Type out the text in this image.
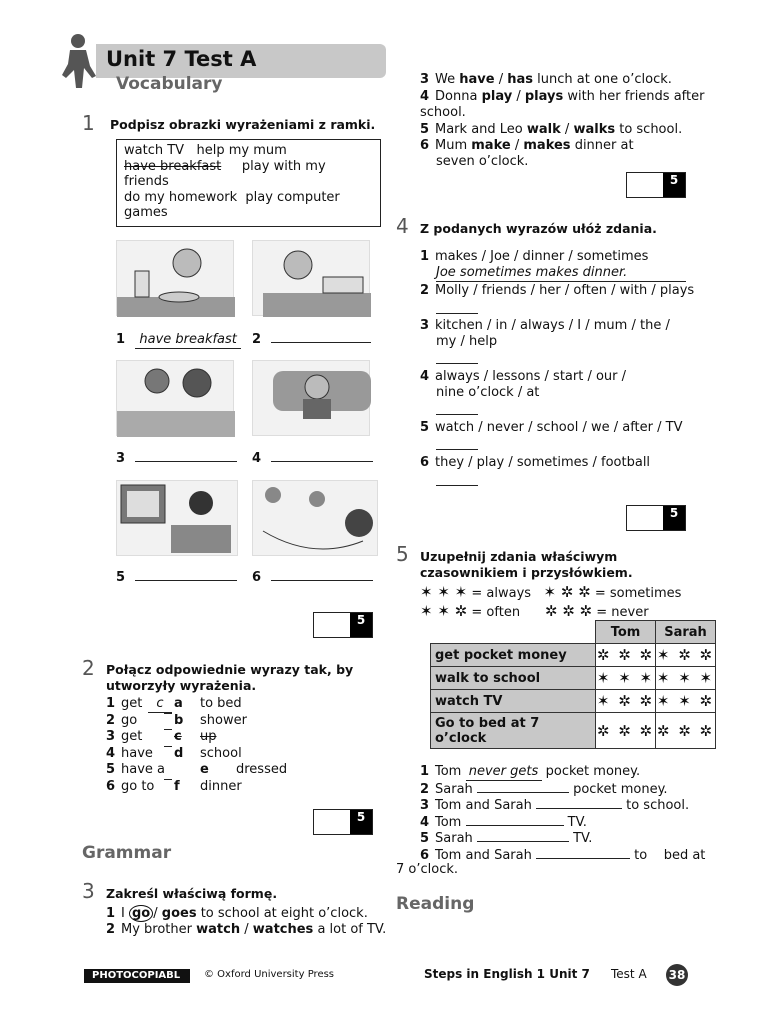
Unit 7 Test A
Vocabulary
1 Podpisz obrazki wyrażeniami z ramki.
watch TV help my mum
have breakfast play with my
friends
do my homework play computer
games
1 have breakfast	2
3	4
5	6
5
2 Połącz odpowiednie wyrazy tak, by
utworzyły wyrażenia.
1 get	c a to bed
2 go	b shower
3 get c up
4 have d school
5 have a	e dressed
6 go to f dinner
5
Grammar
3 Zakreśl właściwą formę.
1 I go / goes to school at eight o’clock.
2 My brother watch / watches a lot of TV.
3 We have / has lunch at one o’clock.
4 Donna play / plays with her friends after
school.
5 Mark and Leo walk / walks to school.
6 Mum make / makes dinner at
seven o’clock.
5
4 Z podanych wyrazów ułóż zdania.
1 makes / Joe / dinner / sometimes
Joe sometimes makes dinner.
2 Molly / friends / her / often / with / plays
3 kitchen / in / always / I / mum / the /
my / help
4 always / lessons / start / our /
nine o’clock / at
5 watch / never / school / we / after / TV
6 they / play / sometimes / football
5
5 Uzupełnij zdania właściwym
czasownikiem i przysłówkiem.
✶ ✶ ✶ = always ✶ ✲ ✲ = sometimes
✶ ✶ ✲ = often ✲ ✲ ✲ = never
	Tom	Sarah
get pocket money	✲ ✲ ✲	✶ ✲ ✲
walk to school	✶ ✶ ✶	✶ ✶ ✶
watch TV	✶ ✲ ✲	✶ ✶ ✲
Go to bed at 7 o’clock	✲ ✲ ✲	✲ ✲ ✲
1 Tom never gets pocket money.
2 Sarah	pocket money.
3 Tom and Sarah	to school.
4 Tom	TV.
5 Sarah	TV.
6 Tom and Sarah	to    bed at
7 o’clock.
Reading
PHOTOCOPIABL	© Oxford University Press	Steps in English 1 Unit 7 Test A 38
